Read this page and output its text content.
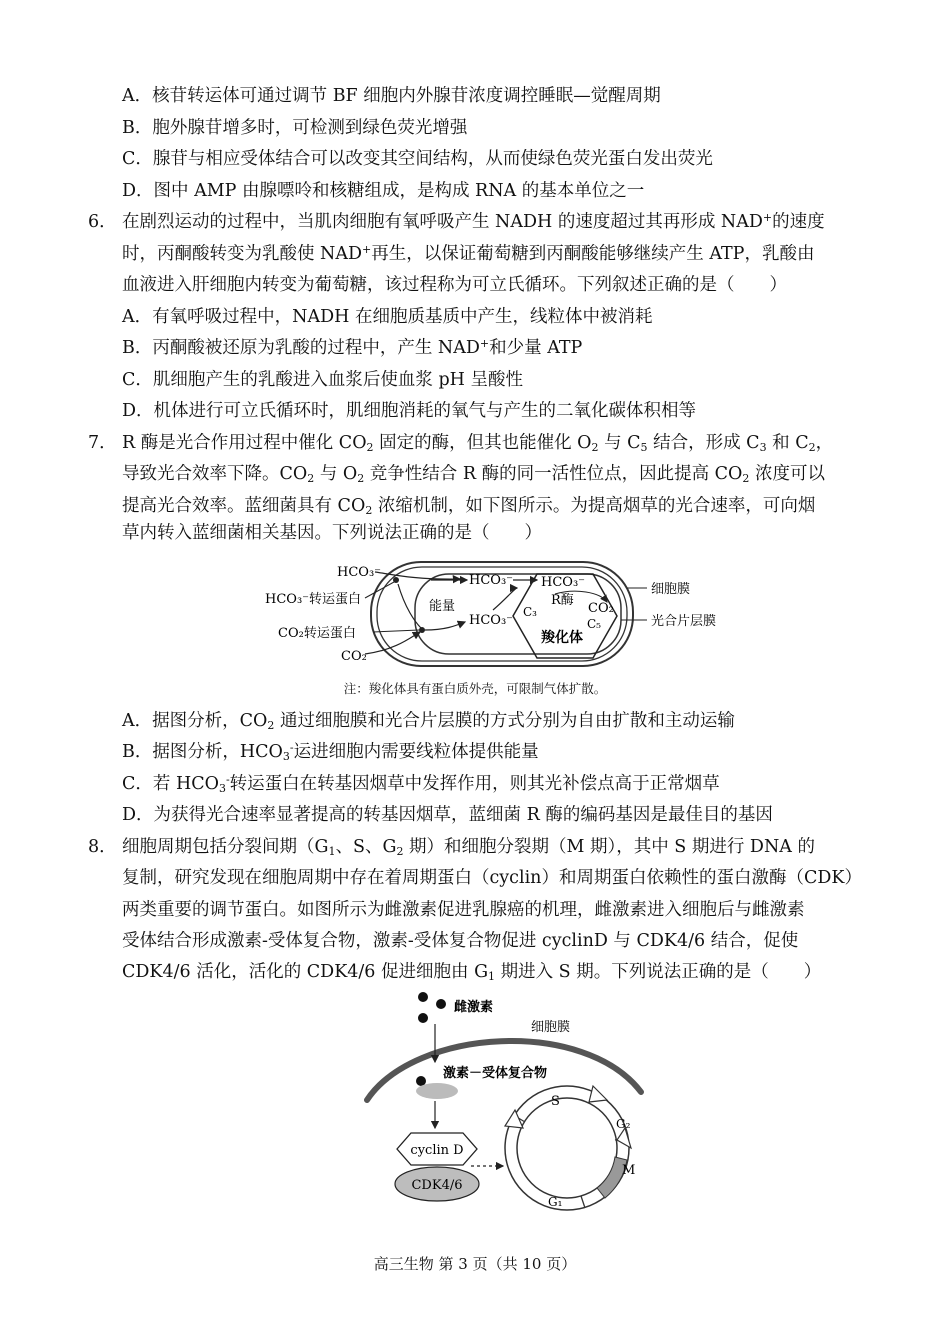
A．核苷转运体可通过调节 BF 细胞内外腺苷浓度调控睡眠—觉醒周期
B．胞外腺苷增多时，可检测到绿色荧光增强
C．腺苷与相应受体结合可以改变其空间结构，从而使绿色荧光蛋白发出荧光
D．图中 AMP 由腺嘌呤和核糖组成，是构成 RNA 的基本单位之一
6． 在剧烈运动的过程中，当肌肉细胞有氧呼吸产生 NADH 的速度超过其再形成 NAD+的速度
时，丙酮酸转变为乳酸使 NAD+再生，以保证葡萄糖到丙酮酸能够继续产生 ATP，乳酸由
血液进入肝细胞内转变为葡萄糖，该过程称为可立氏循环。下列叙述正确的是（　　）
A．有氧呼吸过程中，NADH 在细胞质基质中产生，线粒体中被消耗
B．丙酮酸被还原为乳酸的过程中，产生 NAD+和少量 ATP
C．肌细胞产生的乳酸进入血浆后使血浆 pH 呈酸性
D．机体进行可立氏循环时，肌细胞消耗的氧气与产生的二氧化碳体积相等
7． R 酶是光合作用过程中催化 $CO_2$ 固定的酶，但其也能催化 $O_2$ 与 $C_5$ 结合，形成 $C_3$ 和 $C_2$，
导致光合效率下降。$CO_2$ 与 $O_2$ 竞争性结合 R 酶的同一活性位点，因此提高 $CO_2$ 浓度可以
提高光合效率。蓝细菌具有 $CO_2$ 浓缩机制，如下图所示。为提高烟草的光合速率，可向烟
草内转入蓝细菌相关基因。下列说法正确的是（　　）
HCO₃⁻
HCO₃⁻转运蛋白
CO₂转运蛋白
CO₂
能量
HCO₃⁻
HCO₃⁻
HCO₃⁻
R酶
C₃	CO₂
C₅
羧化体
细胞膜
光合片层膜
注：羧化体具有蛋白质外壳，可限制气体扩散。
A．据图分析，$CO_2$ 通过细胞膜和光合片层膜的方式分别为自由扩散和主动运输
B．据图分析，$HCO_3^-$运进细胞内需要线粒体提供能量
C．若 $HCO_3^-$转运蛋白在转基因烟草中发挥作用，则其光补偿点高于正常烟草
D．为获得光合速率显著提高的转基因烟草，蓝细菌 R 酶的编码基因是最佳目的基因
8． 细胞周期包括分裂间期（$G_1$、S、$G_2$ 期）和细胞分裂期（M 期），其中 S 期进行 DNA 的
复制，研究发现在细胞周期中存在着周期蛋白（cyclin）和周期蛋白依赖性的蛋白激酶（CDK）
两类重要的调节蛋白。如图所示为雌激素促进乳腺癌的机理，雌激素进入细胞后与雌激素
受体结合形成激素-受体复合物，激素-受体复合物促进 cyclinD 与 CDK4/6 结合，促使
CDK4/6 活化，活化的 CDK4/6 促进细胞由 $G_1$ 期进入 S 期。下列说法正确的是（　　）
雌激素
细胞膜
激素－受体复合物
cyclin D
CDK4/6
S
G₂
M
G₁
高三生物 第 3 页（共 10 页）
